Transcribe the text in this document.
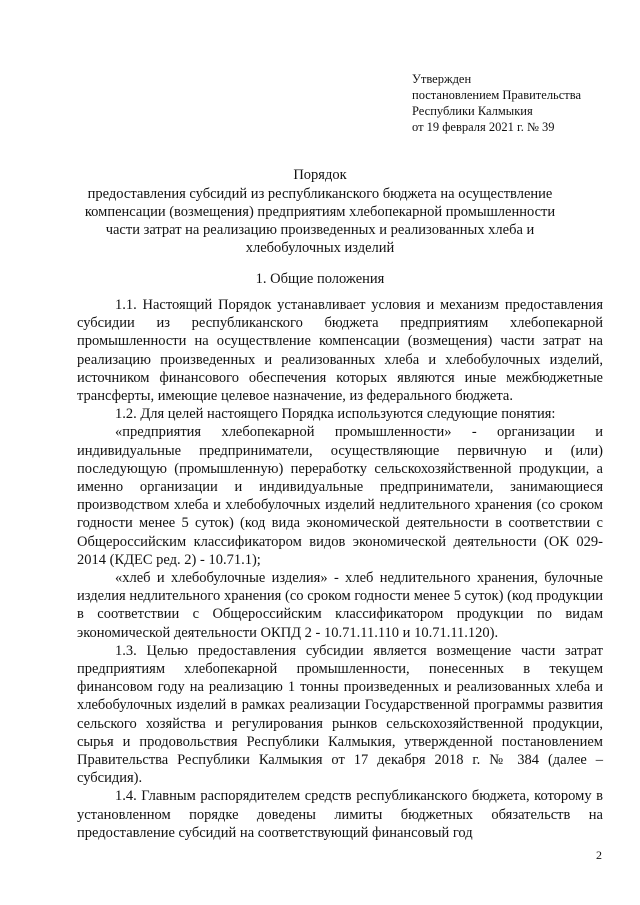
Утвержден
постановлением Правительства
Республики Калмыкия
от 19 февраля 2021 г. № 39
Порядок
предоставления субсидий из республиканского бюджета на осуществление компенсации (возмещения) предприятиям хлебопекарной промышленности части затрат на реализацию произведенных и реализованных хлеба и хлебобулочных изделий
1. Общие положения

1.1. Настоящий Порядок устанавливает условия и механизм предоставления субсидии из республиканского бюджета предприятиям хлебопекарной промышленности на осуществление компенсации (возмещения) части затрат на реализацию произведенных и реализованных хлеба и хлебобулочных изделий, источником финансового обеспечения которых являются иные межбюджетные трансферты, имеющие целевое назначение, из федерального бюджета.

1.2. Для целей настоящего Порядка используются следующие понятия:

«предприятия хлебопекарной промышленности» - организации и индивидуальные предприниматели, осуществляющие первичную и (или) последующую (промышленную) переработку сельскохозяйственной продукции, а именно организации и индивидуальные предприниматели, занимающиеся производством хлеба и хлебобулочных изделий недлительного хранения (со сроком годности менее 5 суток) (код вида экономической деятельности в соответствии с Общероссийским классификатором видов экономической деятельности (ОК 029-2014 (КДЕС ред. 2) - 10.71.1);

«хлеб и хлебобулочные изделия» - хлеб недлительного хранения, булочные изделия недлительного хранения (со сроком годности менее 5 суток) (код продукции в соответствии с Общероссийским классификатором продукции по видам экономической деятельности ОКПД 2 - 10.71.11.110 и 10.71.11.120).

1.3. Целью предоставления субсидии является возмещение части затрат предприятиям хлебопекарной промышленности, понесенных в текущем финансовом году на реализацию 1 тонны произведенных и реализованных хлеба и хлебобулочных изделий в рамках реализации Государственной программы развития сельского хозяйства и регулирования рынков сельскохозяйственной продукции, сырья и продовольствия Республики Калмыкия, утвержденной постановлением Правительства Республики Калмыкия от 17 декабря 2018 г. № 384 (далее – субсидия).

1.4. Главным распорядителем средств республиканского бюджета, которому в установленном порядке доведены лимиты бюджетных обязательств на предоставление субсидий на соответствующий финансовый год

2
